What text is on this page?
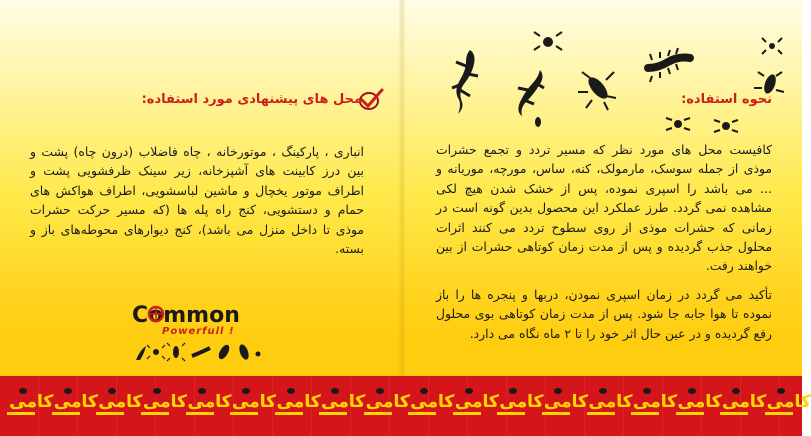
نحوه استفاده:

کافیست محل های مورد نظر که مسیر تردد و تجمع حشرات موذی از جمله سوسک، مارمولک، کنه، ساس، مورچه، موریانه و ... می باشد را اسپری نموده، پس از خشک شدن هیچ لکی مشاهده نمی گردد. طرز عملکرد این محصول بدین گونه است در زمانی که حشرات موذی از روی سطوح تردد می کنند اثرات محلول جذب گردیده و پس از مدت زمان کوتاهی حشرات از بین خواهند رفت.

تأکید می گردد در زمان اسپری نمودن، دربها و پنجره ها را باز نموده تا هوا جابه جا شود. پس از مدت زمان کوتاهی بوی محلول رفع گردیده و در عین حال اثر خود را تا ۲ ماه نگاه می دارد.

محل های پیشنهادی مورد استفاده:

انباری ، پارکینگ ، موتورخانه ، چاه فاضلاب (درون چاه) پشت و بین درز کابینت های آشپزخانه، زیر سینک ظرفشویی پشت و اطراف موتور یخچال و ماشین لباسشویی، اطراف هواکش های حمام و دستشویی، کنج راه پله ها (که مسیر حرکت حشرات موذی تا داخل منزل می باشد)، کنج دیوارهای محوطه‌های باز و بسته.

Common
Powerfull !
کامی کامی کامی کامی کامی کامی کامی کامی کامی کامی کامی کامی کامی کامی کامی کامی کامی کامی
